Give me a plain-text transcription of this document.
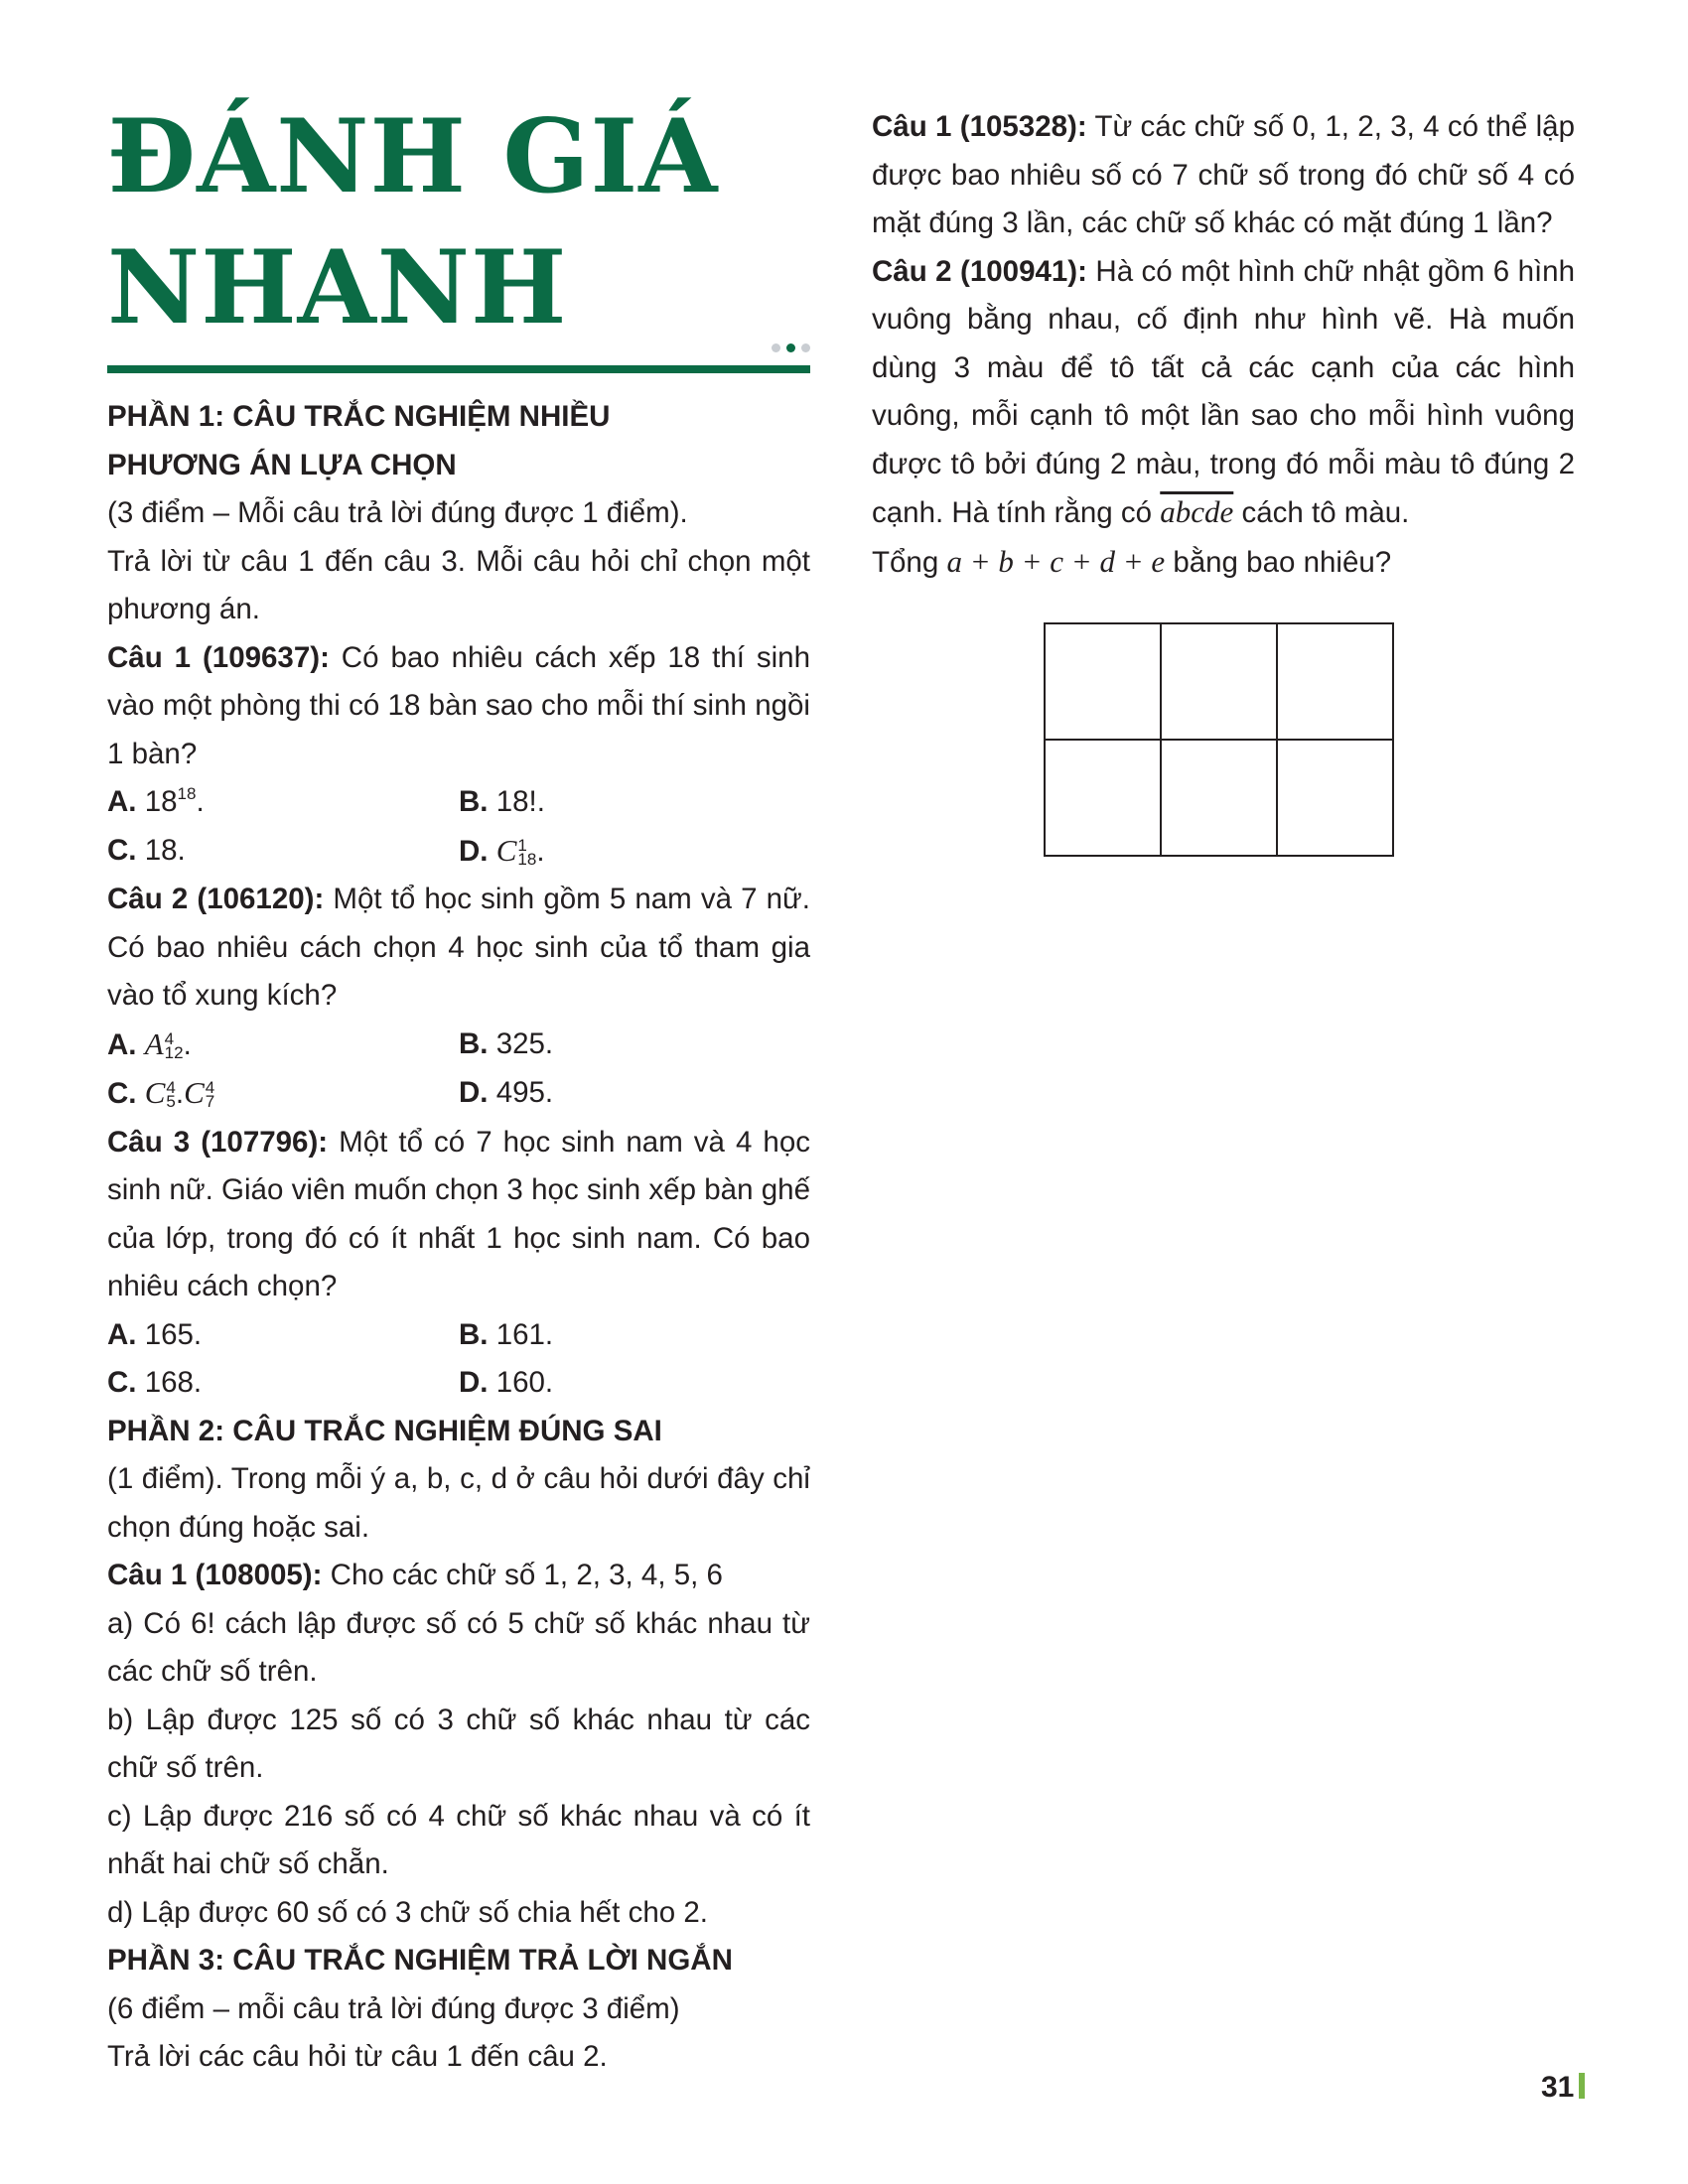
ĐÁNH GIÁ
NHANH

PHẦN 1: CÂU TRẮC NGHIỆM NHIỀU
PHƯƠNG ÁN LỰA CHỌN

(3 điểm – Mỗi câu trả lời đúng được 1 điểm).

Trả lời từ câu 1 đến câu 3. Mỗi câu hỏi chỉ chọn một phương án.

Câu 1 (109637): Có bao nhiêu cách xếp 18 thí sinh vào một phòng thi có 18 bàn sao cho mỗi thí sinh ngồi 1 bàn?

A. $18^{18}$.	B. 18!.
C. 18.	D. C 1
18 .

Câu 2 (106120): Một tổ học sinh gồm 5 nam và 7 nữ. Có bao nhiêu cách chọn 4 học sinh của tổ tham gia vào tổ xung kích?

A. A 4
12 .	B. 325.
C. C 4
5 .C 4
7	D. 495.

Câu 3 (107796): Một tổ có 7 học sinh nam và 4 học sinh nữ. Giáo viên muốn chọn 3 học sinh xếp bàn ghế của lớp, trong đó có ít nhất 1 học sinh nam. Có bao nhiêu cách chọn?

A. 165.	B. 161.
C. 168.	D. 160.

PHẦN 2: CÂU TRẮC NGHIỆM ĐÚNG SAI

(1 điểm). Trong mỗi ý a, b, c, d ở câu hỏi dưới đây chỉ chọn đúng hoặc sai.

Câu 1 (108005): Cho các chữ số 1, 2, 3, 4, 5, 6

a) Có 6! cách lập được số có 5 chữ số khác nhau từ các chữ số trên.

b) Lập được 125 số có 3 chữ số khác nhau từ các chữ số trên.

c) Lập được 216 số có 4 chữ số khác nhau và có ít nhất hai chữ số chẵn.

d) Lập được 60 số có 3 chữ số chia hết cho 2.

PHẦN 3: CÂU TRẮC NGHIỆM TRẢ LỜI NGẮN

(6 điểm – mỗi câu trả lời đúng được 3 điểm)

Trả lời các câu hỏi từ câu 1 đến câu 2.

Câu 1 (105328): Từ các chữ số 0, 1, 2, 3, 4 có thể lập được bao nhiêu số có 7 chữ số trong đó chữ số 4 có mặt đúng 3 lần, các chữ số khác có mặt đúng 1 lần?

Câu 2 (100941): Hà có một hình chữ nhật gồm 6 hình vuông bằng nhau, cố định như hình vẽ. Hà muốn dùng 3 màu để tô tất cả các cạnh của các hình vuông, mỗi cạnh tô một lần sao cho mỗi hình vuông được tô bởi đúng 2 màu, trong đó mỗi màu tô đúng 2 cạnh. Hà tính rằng có abcde cách tô màu.

Tổng a + b + c + d + e bằng bao nhiêu?

31
